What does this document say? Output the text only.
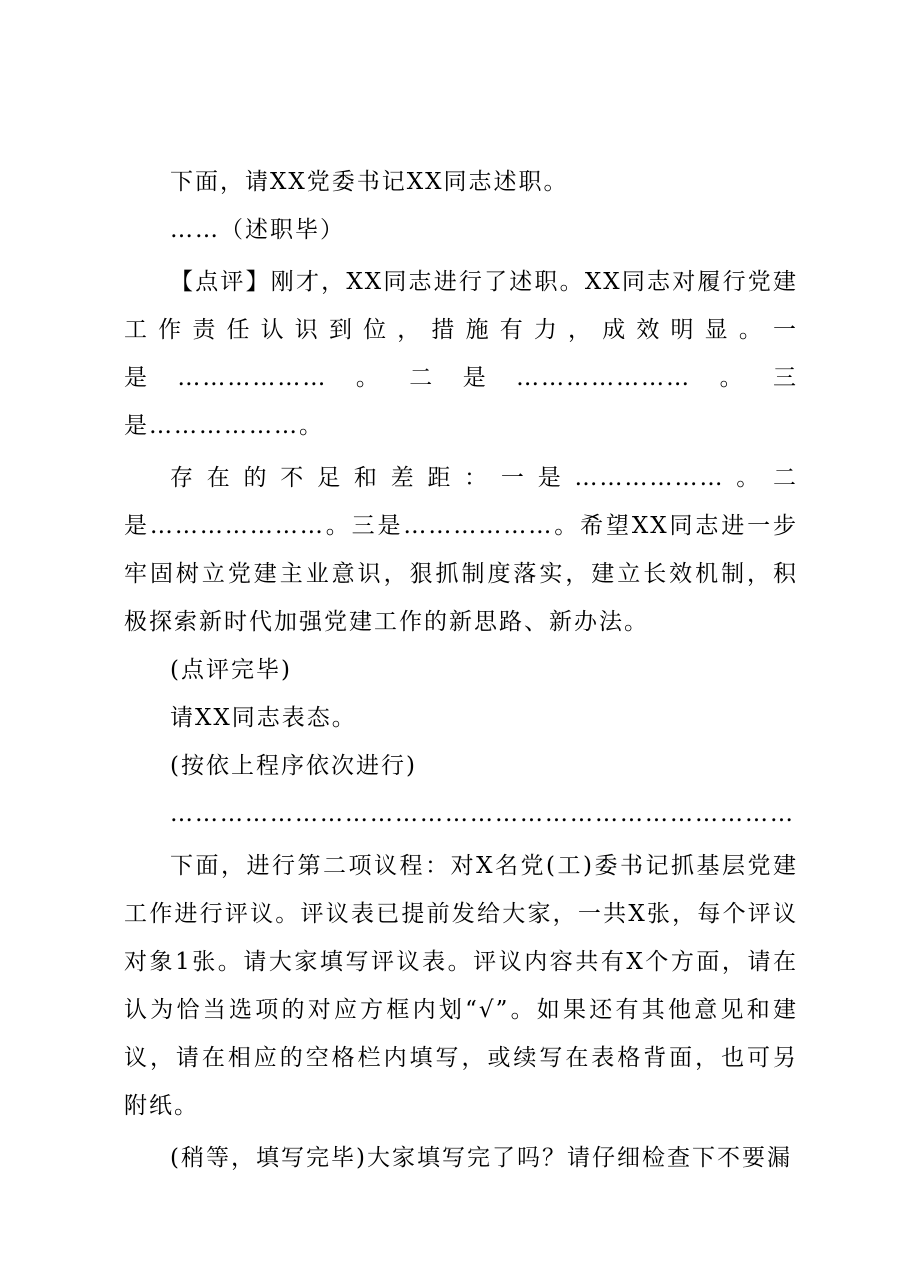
下面，请XX党委书记XX同志述职。

……（述职毕）

【点评】刚才，XX同志进行了述职。XX同志对履行党建工作责任认识到位，措施有力，成效明显。一是………………。二是…………………。三是………………。

存在的不足和差距：一是………………。二是…………………。三是………………。希望XX同志进一步牢固树立党建主业意识，狠抓制度落实，建立长效机制，积极探索新时代加强党建工作的新思路、新办法。

(点评完毕)

请XX同志表态。

(按依上程序依次进行)

…………………………………………………………………

下面，进行第二项议程：对X名党(工)委书记抓基层党建工作进行评议。评议表已提前发给大家，一共X张，每个评议对象1张。请大家填写评议表。评议内容共有X个方面，请在认为恰当选项的对应方框内划“√”。如果还有其他意见和建议，请在相应的空格栏内填写，或续写在表格背面，也可另附纸。

(稍等，填写完毕)大家填写完了吗？请仔细检查下不要漏
